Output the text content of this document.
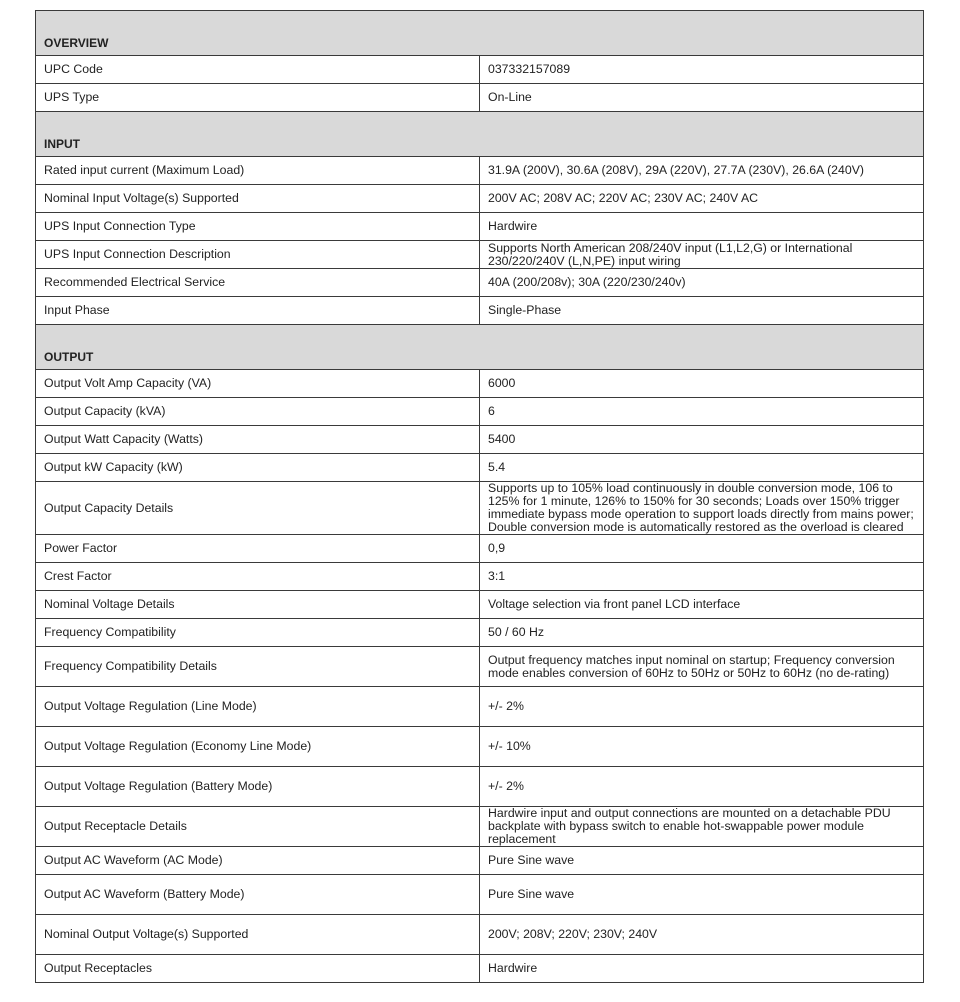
OVERVIEW	
UPC Code	037332157089
UPS Type	On-Line
INPUT	
Rated input current (Maximum Load)	31.9A (200V), 30.6A (208V), 29A (220V), 27.7A (230V), 26.6A (240V)
Nominal Input Voltage(s) Supported	200V AC; 208V AC; 220V AC; 230V AC; 240V AC
UPS Input Connection Type	Hardwire
UPS Input Connection Description	Supports North American 208/240V input (L1,L2,G) or International 230/220/240V (L,N,PE) input wiring
Recommended Electrical Service	40A (200/208v); 30A (220/230/240v)
Input Phase	Single-Phase
OUTPUT	
Output Volt Amp Capacity (VA)	6000
Output Capacity (kVA)	6
Output Watt Capacity (Watts)	5400
Output kW Capacity (kW)	5.4
Output Capacity Details	Supports up to 105% load continuously in double conversion mode, 106 to 125% for 1 minute, 126% to 150% for 30 seconds; Loads over 150% trigger immediate bypass mode operation to support loads directly from mains power; Double conversion mode is automatically restored as the overload is cleared
Power Factor	0,9
Crest Factor	3:1
Nominal Voltage Details	Voltage selection via front panel LCD interface
Frequency Compatibility	50 / 60 Hz
Frequency Compatibility Details	Output frequency matches input nominal on startup; Frequency conversion mode enables conversion of 60Hz to 50Hz or 50Hz to 60Hz (no de-rating)
Output Voltage Regulation (Line Mode)	+/- 2%
Output Voltage Regulation (Economy Line Mode)	+/- 10%
Output Voltage Regulation (Battery Mode)	+/- 2%
Output Receptacle Details	Hardwire input and output connections are mounted on a detachable PDU backplate with bypass switch to enable hot-swappable power module replacement
Output AC Waveform (AC Mode)	Pure Sine wave
Output AC Waveform (Battery Mode)	Pure Sine wave
Nominal Output Voltage(s) Supported	200V; 208V; 220V; 230V; 240V
Output Receptacles	Hardwire
